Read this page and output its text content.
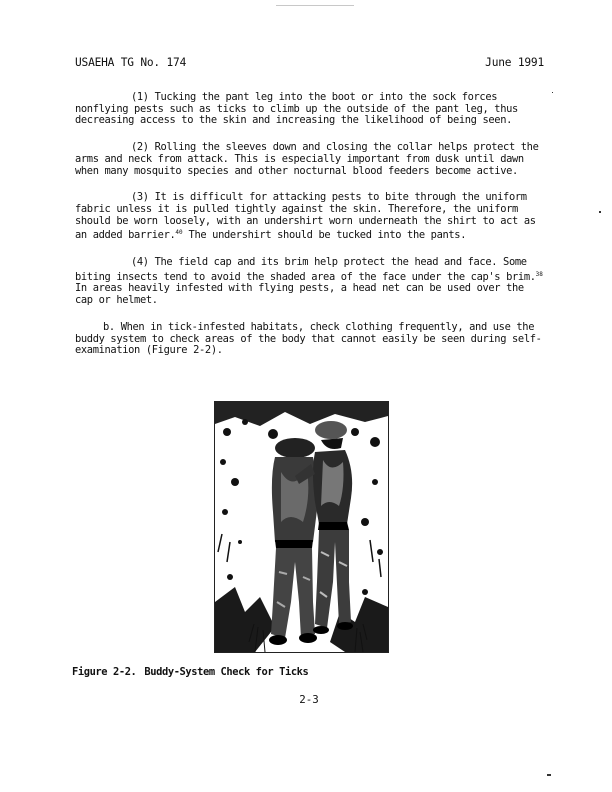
USAEHA TG No. 174	June 1991

(1) Tucking the pant leg into the boot or into the sock forces nonflying pests such as ticks to climb up the outside of the pant leg, thus decreasing access to the skin and increasing the likelihood of being seen.

(2) Rolling the sleeves down and closing the collar helps protect the arms and neck from attack. This is especially important from dusk until dawn when many mosquito species and other nocturnal blood feeders become active.

(3) It is difficult for attacking pests to bite through the uniform fabric unless it is pulled tightly against the skin. Therefore, the uniform should be worn loosely, with an undershirt worn underneath the shirt to act as an added barrier.$^{40}$ The undershirt should be tucked into the pants.

(4) The field cap and its brim help protect the head and face. Some biting insects tend to avoid the shaded area of the face under the cap's brim.$^{38}$ In areas heavily infested with flying pests, a head net can be used over the cap or helmet.

b. When in tick-infested habitats, check clothing frequently, and use the buddy system to check areas of the body that cannot easily be seen during self-examination (Figure 2-2).

Figure 2-2. Buddy-System Check for Ticks
2-3
